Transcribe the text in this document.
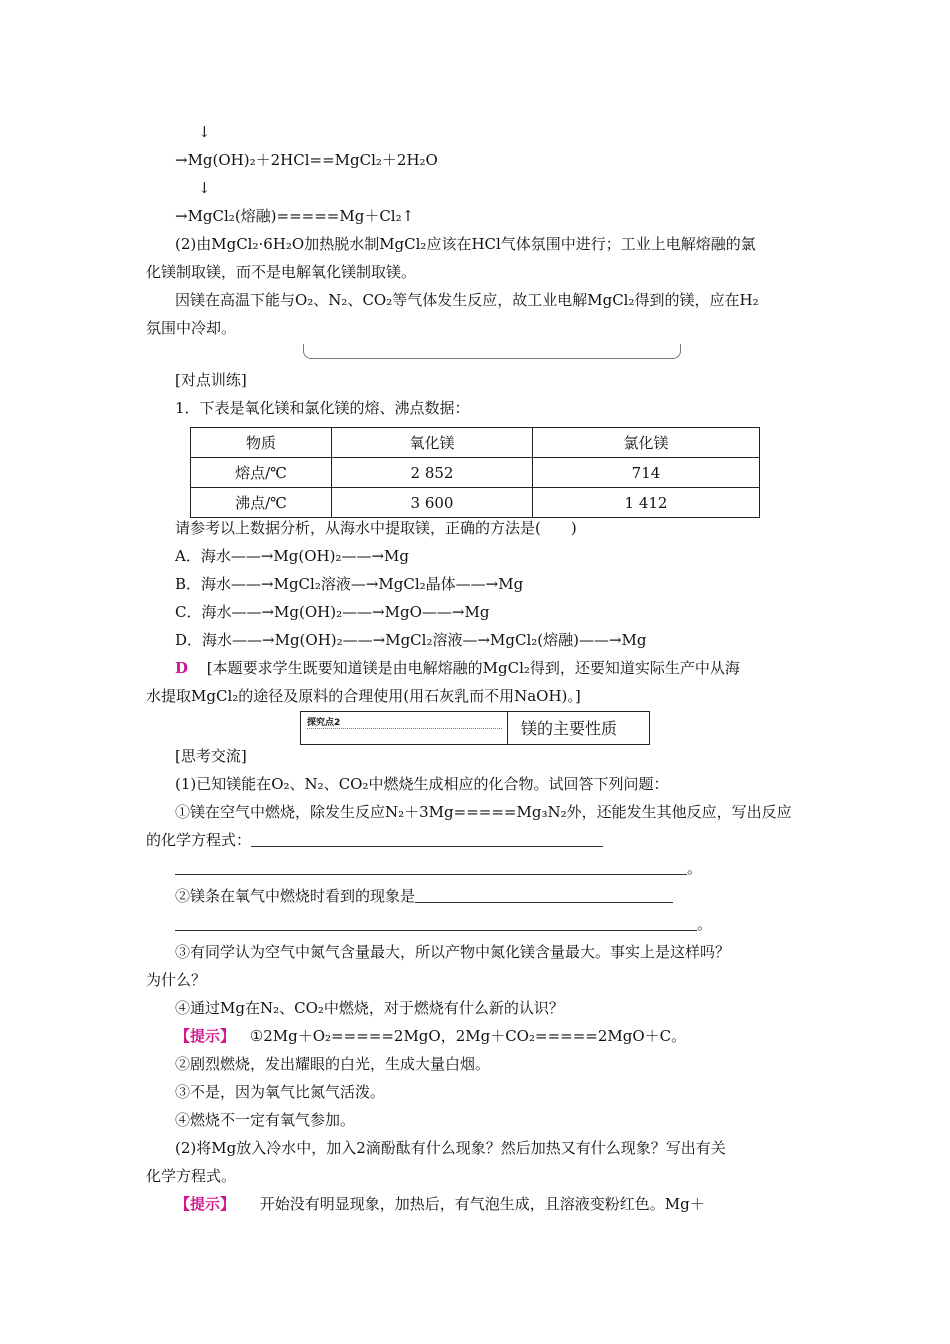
↓
→Mg(OH)₂＋2HCl==MgCl₂＋2H₂O
↓
→MgCl₂(熔融)=====Mg＋Cl₂↑
(2)由MgCl₂·6H₂O加热脱水制MgCl₂应该在HCl气体氛围中进行；工业上电解熔融的氯
化镁制取镁，而不是电解氧化镁制取镁。
因镁在高温下能与O₂、N₂、CO₂等气体发生反应，故工业电解MgCl₂得到的镁，应在H₂
氛围中冷却。
[对点训练]
1．下表是氧化镁和氯化镁的熔、沸点数据：
物质	氧化镁	氯化镁
熔点/℃	2 852	714
沸点/℃	3 600	1 412
请参考以上数据分析，从海水中提取镁，正确的方法是(　　)
A．海水——→Mg(OH)₂——→Mg
B．海水——→MgCl₂溶液—→MgCl₂晶体——→Mg
C．海水——→Mg(OH)₂——→MgO——→Mg
D．海水——→Mg(OH)₂——→MgCl₂溶液—→MgCl₂(熔融)——→Mg
D [本题要求学生既要知道镁是由电解熔融的MgCl₂得到，还要知道实际生产中从海
水提取MgCl₂的途径及原料的合理使用(用石灰乳而不用NaOH)。]
探究点2	镁的主要性质
[思考交流]
(1)已知镁能在O₂、N₂、CO₂中燃烧生成相应的化合物。试回答下列问题：
①镁在空气中燃烧，除发生反应N₂＋3Mg=====Mg₃N₂外，还能发生其他反应，写出反应
的化学方程式：
。
②镁条在氧气中燃烧时看到的现象是
。
③有同学认为空气中氮气含量最大，所以产物中氮化镁含量最大。事实上是这样吗？
为什么？
④通过Mg在N₂、CO₂中燃烧，对于燃烧有什么新的认识？
【提示】 ①2Mg＋O₂=====2MgO，2Mg＋CO₂=====2MgO＋C。
②剧烈燃烧，发出耀眼的白光，生成大量白烟。
③不是，因为氧气比氮气活泼。
④燃烧不一定有氧气参加。
(2)将Mg放入冷水中，加入2滴酚酞有什么现象？然后加热又有什么现象？写出有关
化学方程式。
【提示】 开始没有明显现象，加热后，有气泡生成，且溶液变粉红色。Mg＋
